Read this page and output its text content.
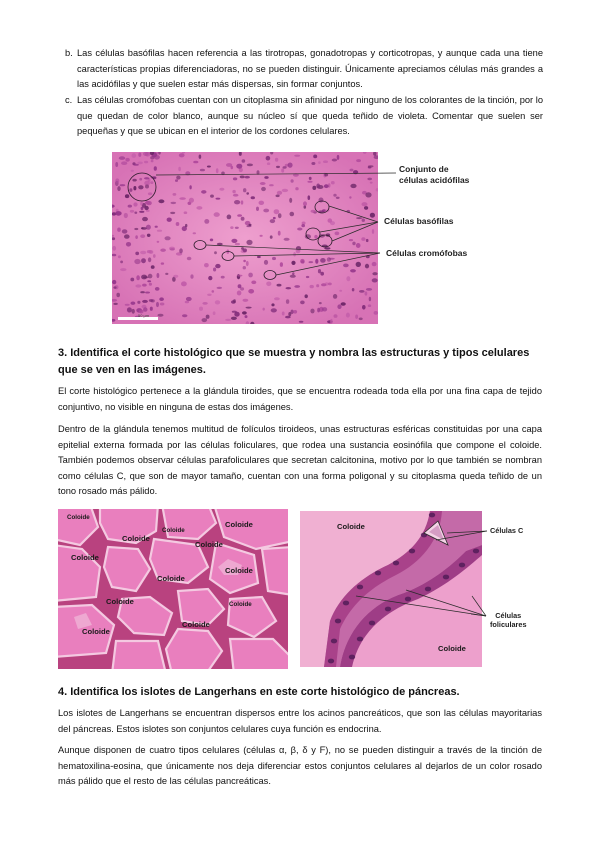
b. Las células basófilas hacen referencia a las tirotropas, gonadotropas y corticotropas, y aunque cada una tiene características propias diferenciadoras, no se pueden distinguir. Únicamente apreciamos células más grandes a las acidófilas y que suelen estar más dispersas, sin formar conjuntos.
c. Las células cromófobas cuentan con un citoplasma sin afinidad por ninguno de los colorantes de la tinción, por lo que quedan de color blanco, aunque su núcleo sí que queda teñido de violeta. Comentar que suelen ser pequeñas y que se ubican en el interior de los cordones celulares.
50 µm
Conjunto de
células acidófilas
Células basófilas
Células cromófobas
3. Identifica el corte histológico que se muestra y nombra las estructuras y tipos celulares que se ven en las imágenes.
El corte histológico pertenece a la glándula tiroides, que se encuentra rodeada toda ella por una fina capa de tejido conjuntivo, no visible en ninguna de estas dos imágenes.
Dentro de la glándula tenemos multitud de folículos tiroideos, unas estructuras esféricas constituidas por una capa epitelial externa formada por las células foliculares, que rodea una sustancia eosinófila que compone el coloide. También podemos observar células parafoliculares que secretan calcitonina, motivo por lo que también se nombran como células C, que son de mayor tamaño, cuentan con una forma poligonal y su citoplasma queda teñido de un tono rosado más pálido.
Coloide
Coloide
Coloide
Coloide
Coloide
Coloide
Coloide
Coloide
Coloide	Coloide
Coloide
Coloide
Coloide
Coloide
Células C
Células
foliculares
4. Identifica los islotes de Langerhans en este corte histológico de páncreas.
Los islotes de Langerhans se encuentran dispersos entre los acinos pancreáticos, que son las células mayoritarias del páncreas. Estos islotes son conjuntos celulares cuya función es endocrina.
Aunque disponen de cuatro tipos celulares (células α, β, δ y F), no se pueden distinguir a través de la tinción de hematoxilina-eosina, que únicamente nos deja diferenciar estos conjuntos celulares al dejarlos de un color rosado más pálido que el resto de las células pancreáticas.
